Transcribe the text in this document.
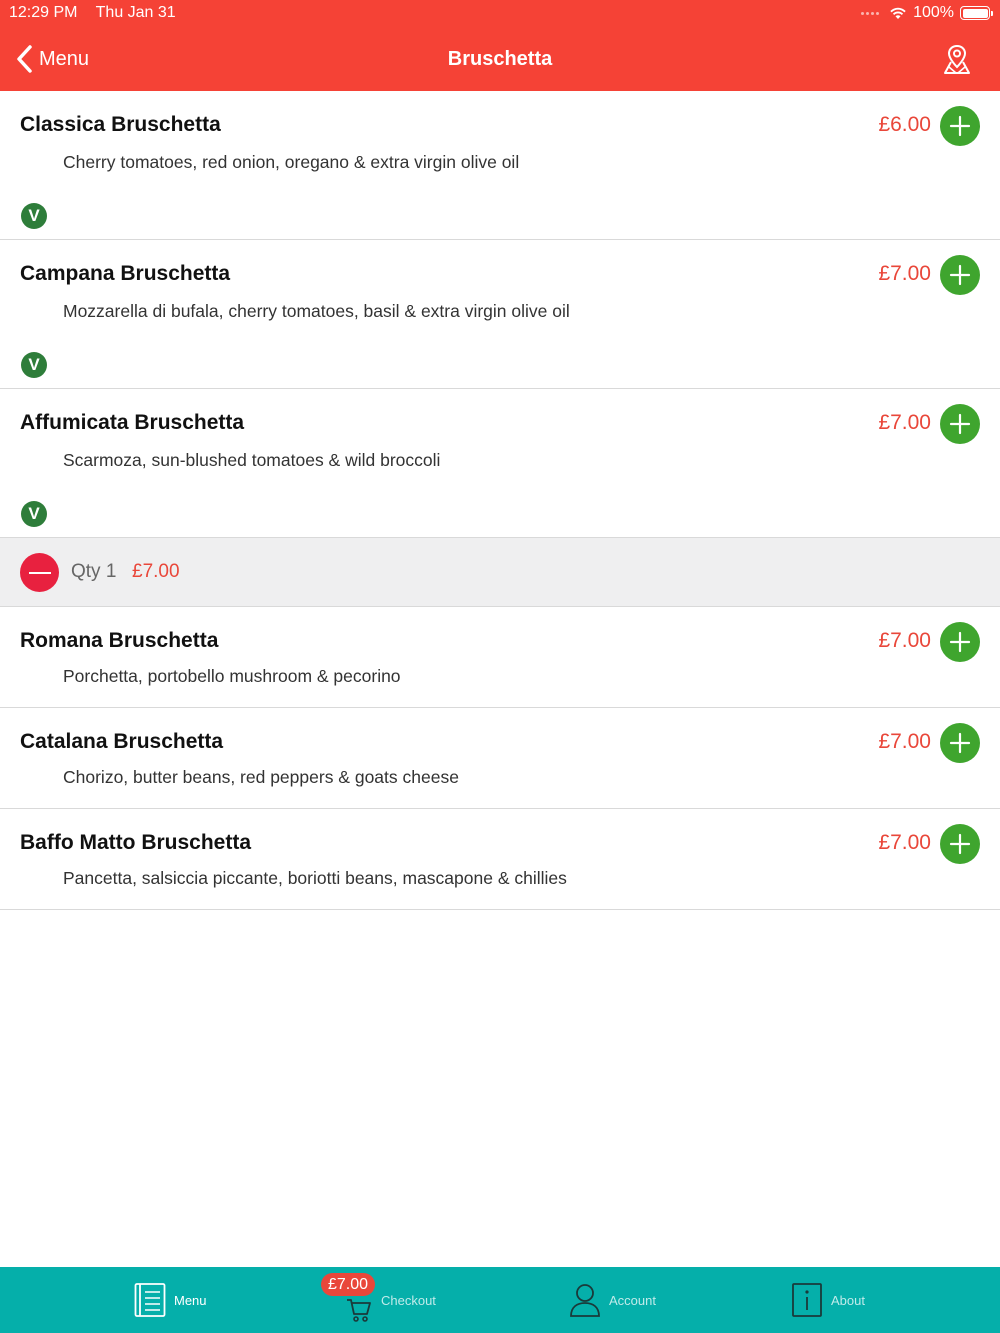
12:29 PM Thu Jan 31	100%
Menu	Bruschetta
Classica Bruschetta
Cherry tomatoes, red onion, oregano & extra virgin olive oil
£6.00
V
Campana Bruschetta
Mozzarella di bufala, cherry tomatoes, basil & extra virgin olive oil
£7.00
V
Affumicata Bruschetta
Scarmoza, sun-blushed tomatoes & wild broccoli
£7.00
V
Qty 1 £7.00
Romana Bruschetta
Porchetta, portobello mushroom & pecorino
£7.00
Catalana Bruschetta
Chorizo, butter beans, red peppers & goats cheese
£7.00
Baffo Matto Bruschetta
Pancetta, salsiccia piccante, boriotti beans, mascapone & chillies
£7.00
Menu	Checkout	Account	About
£7.00
